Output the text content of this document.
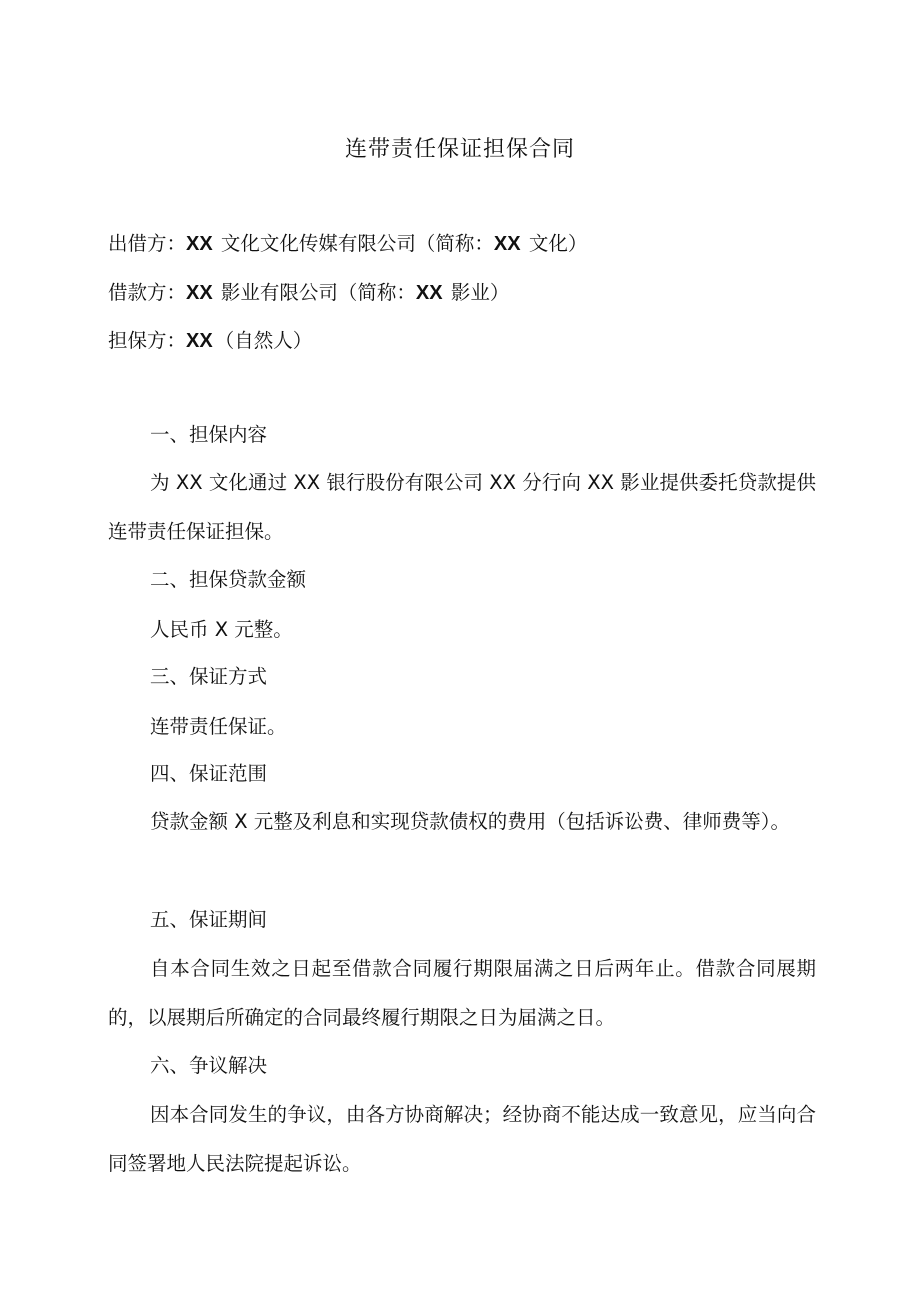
连带责任保证担保合同
出借方：XX 文化文化传媒有限公司（简称：XX 文化）
借款方：XX 影业有限公司（简称：XX 影业）
担保方：XX （自然人）
一、担保内容
为 XX 文化通过 XX 银行股份有限公司 XX 分行向 XX 影业提供委托贷款提供连带责任保证担保。
二、担保贷款金额
人民币 X 元整。
三、保证方式
连带责任保证。
四、保证范围
贷款金额 X 元整及利息和实现贷款债权的费用（包括诉讼费、律师费等）。
五、保证期间
自本合同生效之日起至借款合同履行期限届满之日后两年止。借款合同展期的，以展期后所确定的合同最终履行期限之日为届满之日。
六、争议解决
因本合同发生的争议，由各方协商解决；经协商不能达成一致意见，应当向合同签署地人民法院提起诉讼。
